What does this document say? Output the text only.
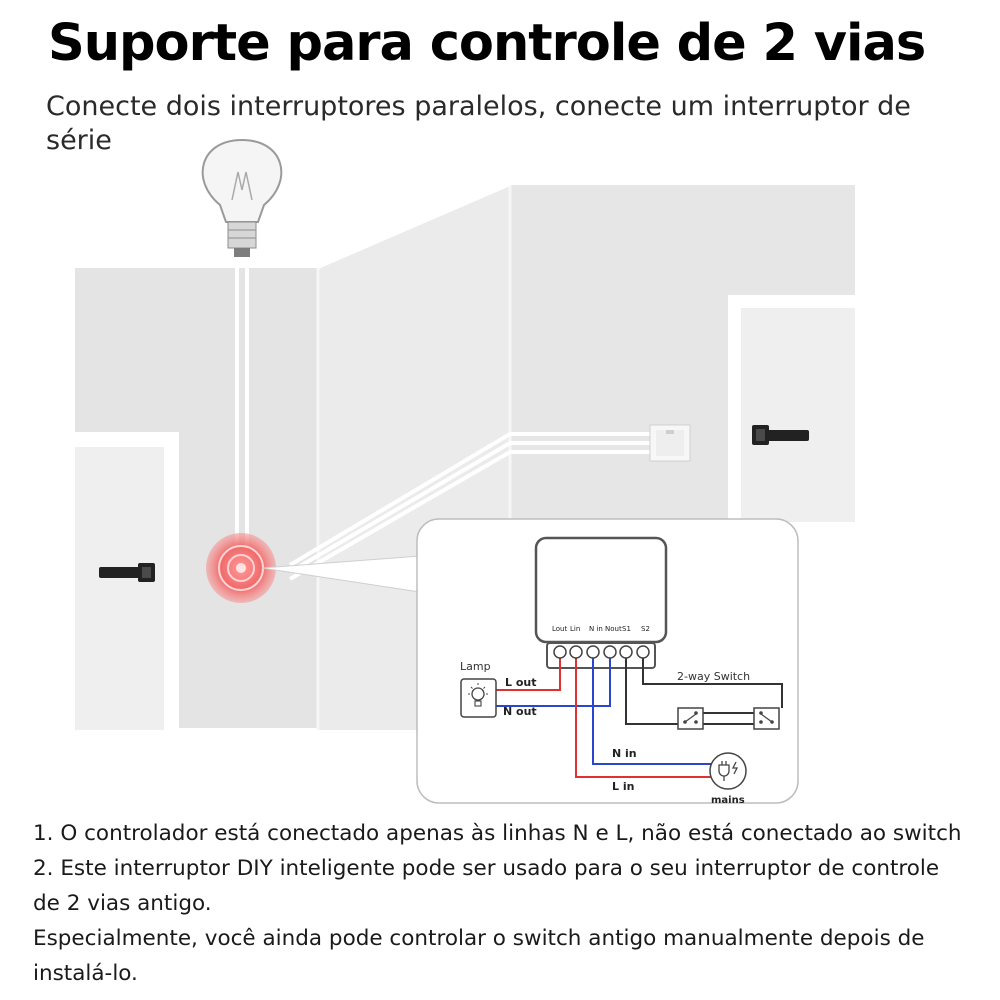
Suporte para controle de 2 vias
Conecte dois interruptores paralelos, conecte um interruptor de série
Lout Lin N in Nout S1 S2
Lamp
L out
N out
2-way Switch
N in
L in
mains
1. O controlador está conectado apenas às linhas N e L, não está conectado ao switch
2. Este interruptor DIY inteligente pode ser usado para o seu interruptor de controle
de 2 vias antigo.
Especialmente, você ainda pode controlar o switch antigo manualmente depois de
instalá-lo.
